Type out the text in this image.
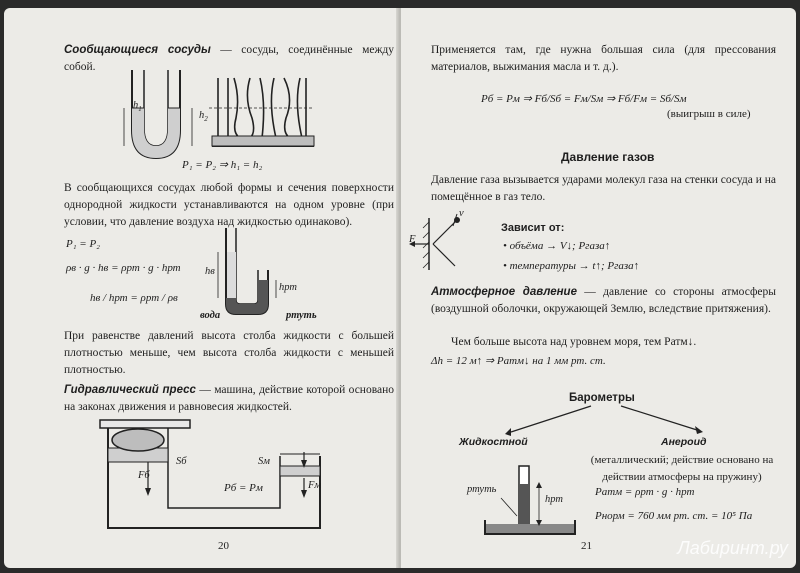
Сообщающиеся сосуды — сосуды, соединённые между собой.
$h_1$
$h_2$
P₁ = P₂ ⇒ h₁ = h₂
В сообщающихся сосудах любой формы и сечения поверхности однородной жидкости устанавливаются на одном уровне (при условии, что давление воздуха над жидкостью одинаково).
P₁ = P₂
ρв · g · hв = ρрт · g · hрт
hв / hрт = ρрт / ρв
hв
hрт
вода	ртуть
При равенстве давлений высота столба жидкости с большей плотностью меньше, чем высота столба жидкости с меньшей плотностью.
Гидравлический пресс — машина, действие которой основано на законах движения и равновесия жидкостей.
Fб
Sб	Sм
Fм
Pб = Pм
20
Применяется там, где нужна большая сила (для прессования материалов, выжимания масла и т. д.).
Pб = Pм ⇒ Fб/Sб = Fм/Sм ⇒ Fб/Fм = Sб/Sм
(выигрыш в силе)
Давление газов
Давление газа вызывается ударами молекул газа на стенки сосуда и на помещённое в газ тело.
F
v
Зависит от:
• объёма → V↓; Pгаза↑
• температуры → t↑; Pгаза↑
Атмосферное давление — давление со стороны атмосферы (воздушной оболочки, окружающей Землю, вследствие притяжения).
Чем больше высота над уровнем моря, тем Pатм↓.
Δh = 12 м↑ ⇒ Pатм↓ на 1 мм рт. ст.
Барометры
Жидкостной	Анероид
(металлический; действие основано на действии атмосферы на пружину)
ртуть
hрт
Pатм = ρрт · g · hрт
Pнорм = 760 мм рт. ст. = 10⁵ Па
21	Лабиринт.ру
